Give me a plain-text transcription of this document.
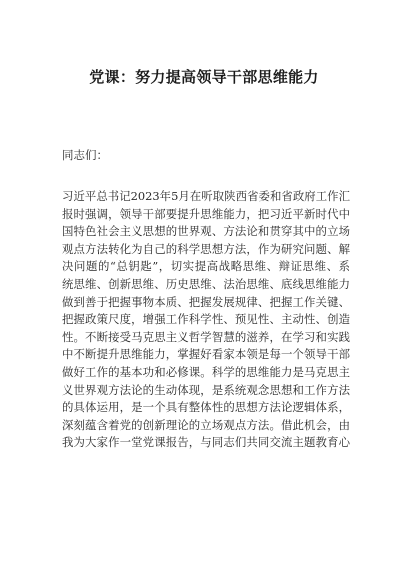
党课：努力提高领导干部思维能力
同志们：
习近平总书记2023年5月在听取陕西省委和省政府工作汇
报时强调，领导干部要提升思维能力，把习近平新时代中
国特色社会主义思想的世界观、方法论和贯穿其中的立场
观点方法转化为自己的科学思想方法，作为研究问题、解
决问题的“总钥匙”，切实提高战略思维、辩证思维、系
统思维、创新思维、历史思维、法治思维、底线思维能力
做到善于把握事物本质、把握发展规律、把握工作关键、
把握政策尺度，增强工作科学性、预见性、主动性、创造
性。不断接受马克思主义哲学智慧的滋养，在学习和实践
中不断提升思维能力，掌握好看家本领是每一个领导干部
做好工作的基本功和必修课。科学的思维能力是马克思主
义世界观方法论的生动体现，是系统观念思想和工作方法
的具体运用，是一个具有整体性的思想方法论逻辑体系，
深刻蕴含着党的创新理论的立场观点方法。借此机会，由
我为大家作一堂党课报告，与同志们共同交流主题教育心
